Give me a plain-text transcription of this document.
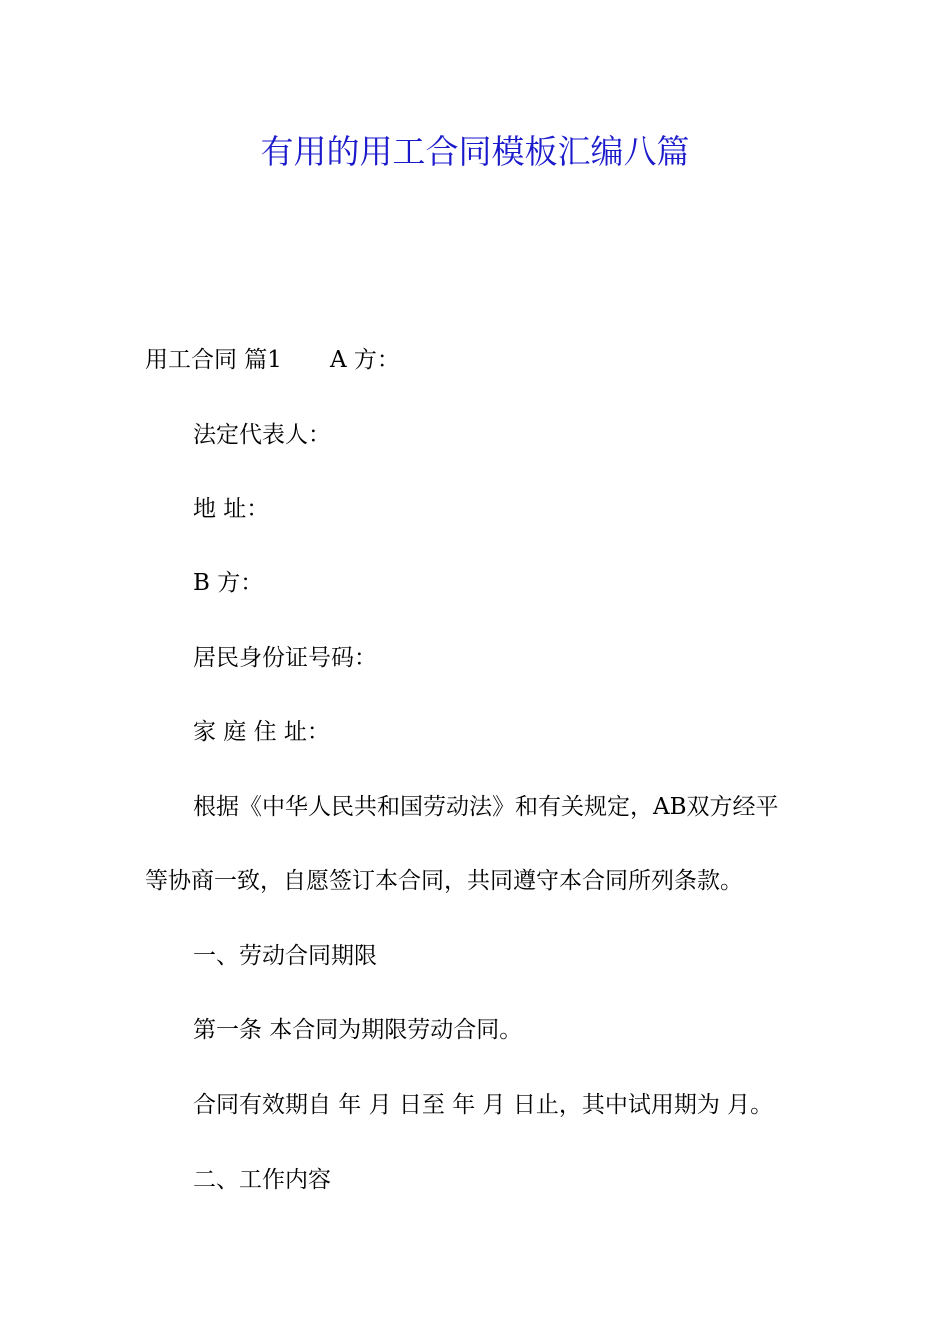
有用的用工合同模板汇编八篇
用工合同 篇1 A 方：
法定代表人：
地 址：
B 方：
居民身份证号码：
家 庭 住 址：
根据《中华人民共和国劳动法》和有关规定，AB双方经平
等协商一致，自愿签订本合同，共同遵守本合同所列条款。
一、劳动合同期限
第一条 本合同为期限劳动合同。
合同有效期自 年 月 日至 年 月 日止，其中试用期为 月。
二、工作内容
